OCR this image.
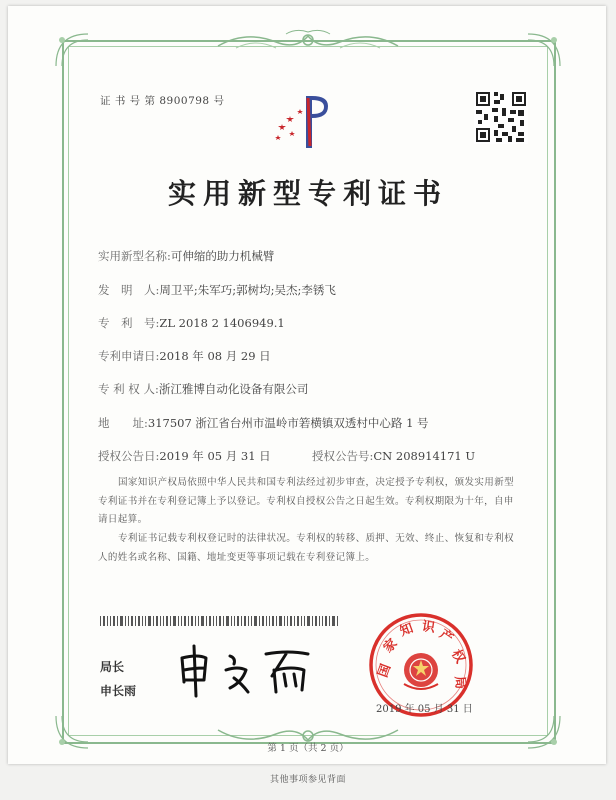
证 书 号 第 8900798 号
实用新型专利证书
实用新型名称:可伸缩的助力机械臂
发　明　人:周卫平;朱军巧;郭树均;吴杰;李锈飞
专　利　号:ZL 2018 2 1406949.1
专利申请日:2018 年 08 月 29 日
专 利 权 人:浙江雅博自动化设备有限公司
地　　址:317507 浙江省台州市温岭市箬横镇双透村中心路 1 号
授权公告日:2019 年 05 月 31 日	授权公告号:CN 208914171 U
国家知识产权局依照中华人民共和国专利法经过初步审查，决定授予专利权，颁发实用新型专利证书并在专利登记簿上予以登记。专利权自授权公告之日起生效。专利权期限为十年，自申请日起算。
专利证书记载专利权登记时的法律状况。专利权的转移、质押、无效、终止、恢复和专利权人的姓名或名称、国籍、地址变更等事项记载在专利登记簿上。
局长
申长雨
国
家
知 识 产
权
局
2019 年 05 月 31 日
第 1 页（共 2 页）
其他事项参见背面
